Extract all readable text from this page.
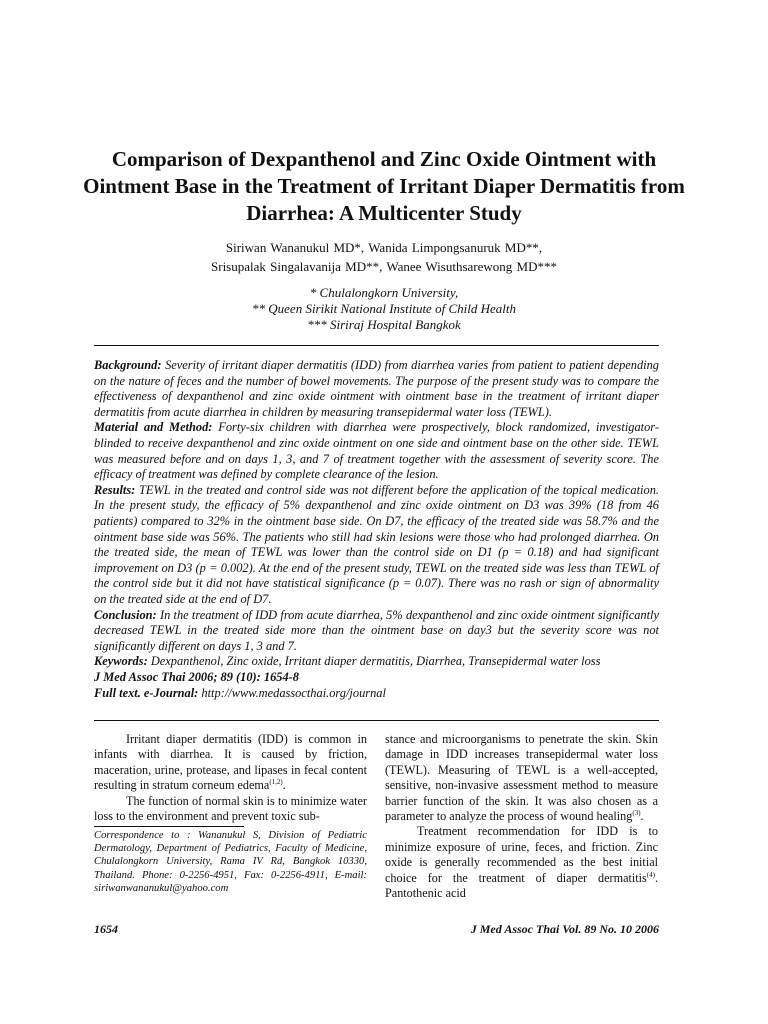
Comparison of Dexpanthenol and Zinc Oxide Ointment with Ointment Base in the Treatment of Irritant Diaper Dermatitis from Diarrhea: A Multicenter Study
Siriwan Wananukul MD*, Wanida Limpongsanuruk MD**,
Srisupalak Singalavanija MD**, Wanee Wisuthsarewong MD***
* Chulalongkorn University,
** Queen Sirikit National Institute of Child Health
*** Siriraj Hospital Bangkok

Background: Severity of irritant diaper dermatitis (IDD) from diarrhea varies from patient to patient depending on the nature of feces and the number of bowel movements. The purpose of the present study was to compare the effectiveness of dexpanthenol and zinc oxide ointment with ointment base in the treatment of irritant diaper dermatitis from acute diarrhea in children by measuring transepidermal water loss (TEWL).

Material and Method: Forty-six children with diarrhea were prospectively, block randomized, investigator-blinded to receive dexpanthenol and zinc oxide ointment on one side and ointment base on the other side. TEWL was measured before and on days 1, 3, and 7 of treatment together with the assessment of severity score. The efficacy of treatment was defined by complete clearance of the lesion.

Results: TEWL in the treated and control side was not different before the application of the topical medication. In the present study, the efficacy of 5% dexpanthenol and zinc oxide ointment on D3 was 39% (18 from 46 patients) compared to 32% in the ointment base side. On D7, the efficacy of the treated side was 58.7% and the ointment base side was 56%. The patients who still had skin lesions were those who had prolonged diarrhea. On the treated side, the mean of TEWL was lower than the control side on D1 (p = 0.18) and had significant improvement on D3 (p = 0.002). At the end of the present study, TEWL on the treated side was less than TEWL of the control side but it did not have statistical significance (p = 0.07). There was no rash or sign of abnormality on the treated side at the end of D7.

Conclusion: In the treatment of IDD from acute diarrhea, 5% dexpanthenol and zinc oxide ointment significantly decreased TEWL in the treated side more than the ointment base on day3 but the severity score was not significantly different on days 1, 3 and 7.

Keywords: Dexpanthenol, Zinc oxide, Irritant diaper dermatitis, Diarrhea, Transepidermal water loss

J Med Assoc Thai 2006; 89 (10): 1654-8

Full text. e-Journal: http://www.medassocthai.org/journal

Irritant diaper dermatitis (IDD) is common in infants with diarrhea. It is caused by friction, maceration, urine, protease, and lipases in fecal content resulting in stratum corneum edema$^{(1,2)}$.

The function of normal skin is to minimize water loss to the environment and prevent toxic sub-

Correspondence to : Wananukul S, Division of Pediatric Dermatology, Department of Pediatrics, Faculty of Medicine, Chulalongkorn University, Rama IV Rd, Bangkok 10330, Thailand. Phone: 0-2256-4951, Fax: 0-2256-4911, E-mail: siriwanwananukul@yahoo.com

stance and microorganisms to penetrate the skin. Skin damage in IDD increases transepidermal water loss (TEWL). Measuring of TEWL is a well-accepted, sensitive, non-invasive assessment method to measure barrier function of the skin. It was also chosen as a parameter to analyze the process of wound healing$^{(3)}$.

Treatment recommendation for IDD is to minimize exposure of urine, feces, and friction. Zinc oxide is generally recommended as the best initial choice for the treatment of diaper dermatitis$^{(4)}$. Pantothenic acid

1654	J Med Assoc Thai Vol. 89 No. 10 2006
